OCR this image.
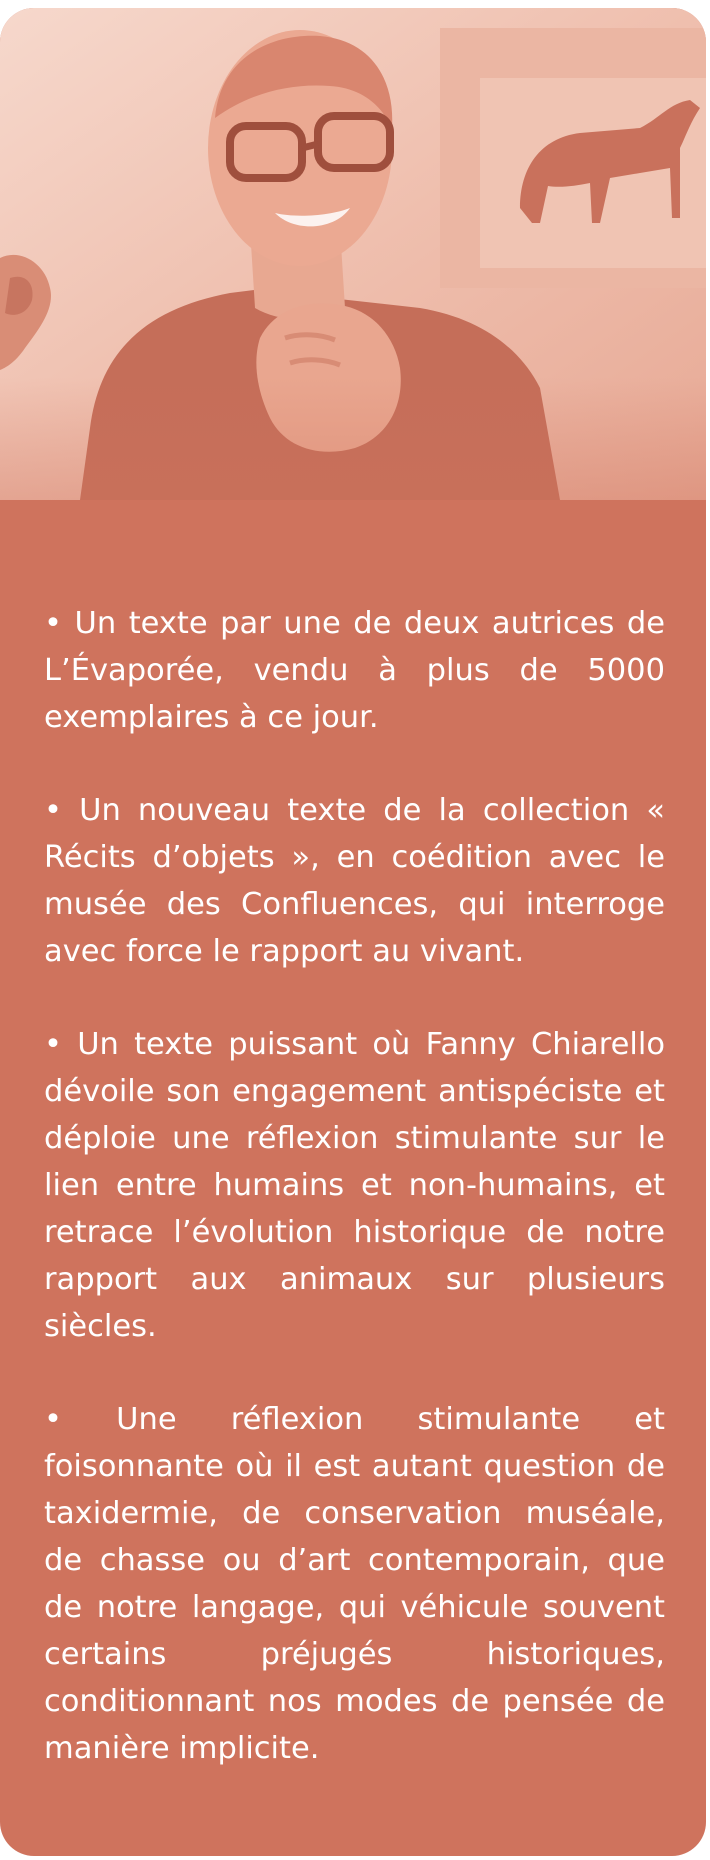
• Un texte par une de deux autrices de L’Évaporée, vendu à plus de 5000 exemplaires à ce jour.

• Un nouveau texte de la collection « Récits d’objets », en coédition avec le musée des Confluences, qui interroge avec force le rapport au vivant.

• Un texte puissant où Fanny Chiarello dévoile son engagement antispéciste et déploie une réflexion stimulante sur le lien entre humains et non-humains, et retrace l’évolution historique de notre rapport aux animaux sur plusieurs siècles.

• Une réflexion stimulante et foisonnante où il est autant question de taxidermie, de conservation muséale, de chasse ou d’art contemporain, que de notre langage, qui véhicule souvent certains préjugés historiques, conditionnant nos modes de pensée de manière implicite.
